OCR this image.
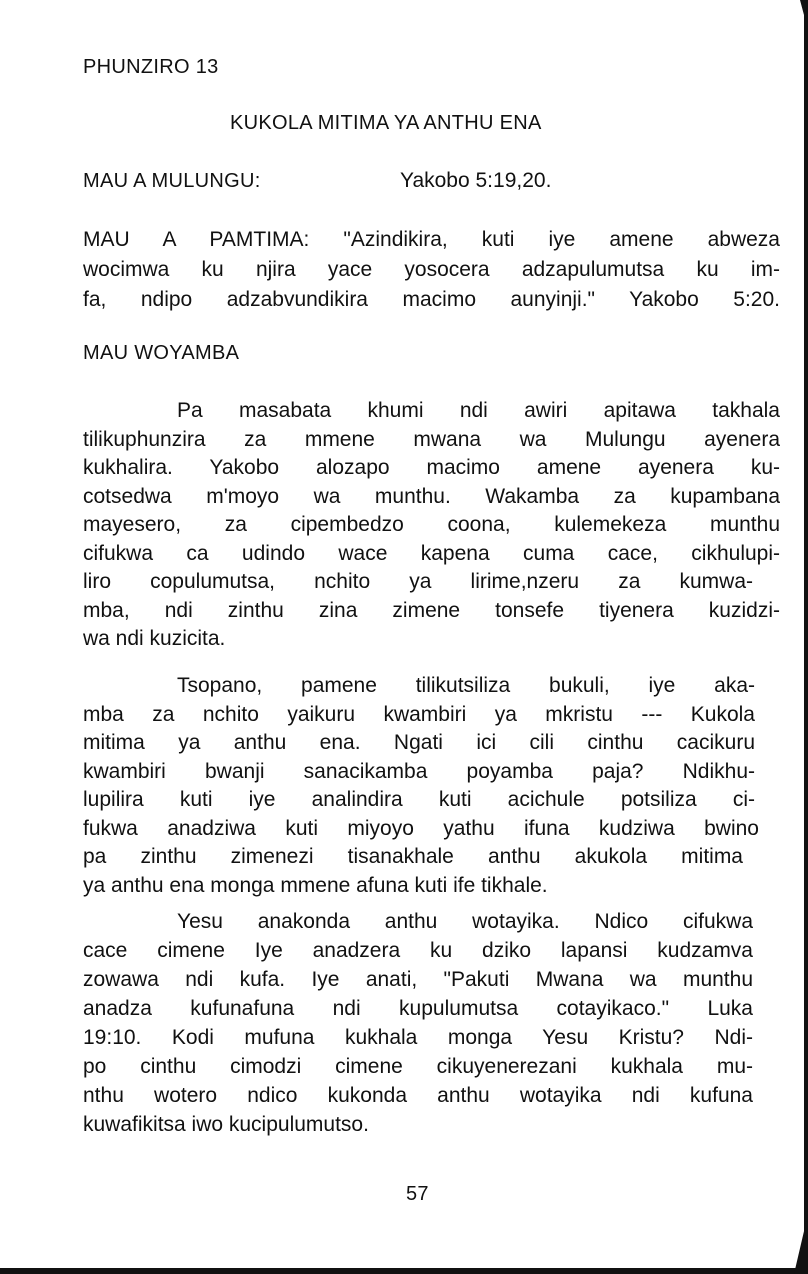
PHUNZIRO 13
KUKOLA MITIMA YA ANTHU ENA
MAU A MULUNGU:	Yakobo 5:19,20.
MAU A PAMTIMA: "Azindikira, kuti iye amene abweza
wocimwa ku njira yace yosocera adzapulumutsa ku im-
fa, ndipo adzabvundikira macimo aunyinji." Yakobo 5:20.
MAU WOYAMBA
Pa masabata khumi ndi awiri apitawa takhala
tilikuphunzira za mmene mwana wa Mulungu ayenera
kukhalira. Yakobo alozapo macimo amene ayenera ku-
cotsedwa m'moyo wa munthu. Wakamba za kupambana
mayesero, za cipembedzo coona, kulemekeza munthu
cifukwa ca udindo wace kapena cuma cace, cikhulupi-
liro copulumutsa, nchito ya lirime,nzeru za kumwa-
mba, ndi zinthu zina zimene tonsefe tiyenera kuzidzi-
wa ndi kuzicita.
Tsopano, pamene tilikutsiliza bukuli, iye aka-
mba za nchito yaikuru kwambiri ya mkristu --- Kukola
mitima ya anthu ena. Ngati ici cili cinthu cacikuru
kwambiri bwanji sanacikamba poyamba paja? Ndikhu-
lupilira kuti iye analindira kuti acichule potsiliza ci-
fukwa anadziwa kuti miyoyo yathu ifuna kudziwa bwino
pa zinthu zimenezi tisanakhale anthu akukola mitima
ya anthu ena monga mmene afuna kuti ife tikhale.
Yesu anakonda anthu wotayika. Ndico cifukwa
cace cimene Iye anadzera ku dziko lapansi kudzamva
zowawa ndi kufa. Iye anati, "Pakuti Mwana wa munthu
anadza kufunafuna ndi kupulumutsa cotayikaco." Luka
19:10. Kodi mufuna kukhala monga Yesu Kristu? Ndi-
po cinthu cimodzi cimene cikuyenerezani kukhala mu-
nthu wotero ndico kukonda anthu wotayika ndi kufuna
kuwafikitsa iwo kucipulumutso.
57
